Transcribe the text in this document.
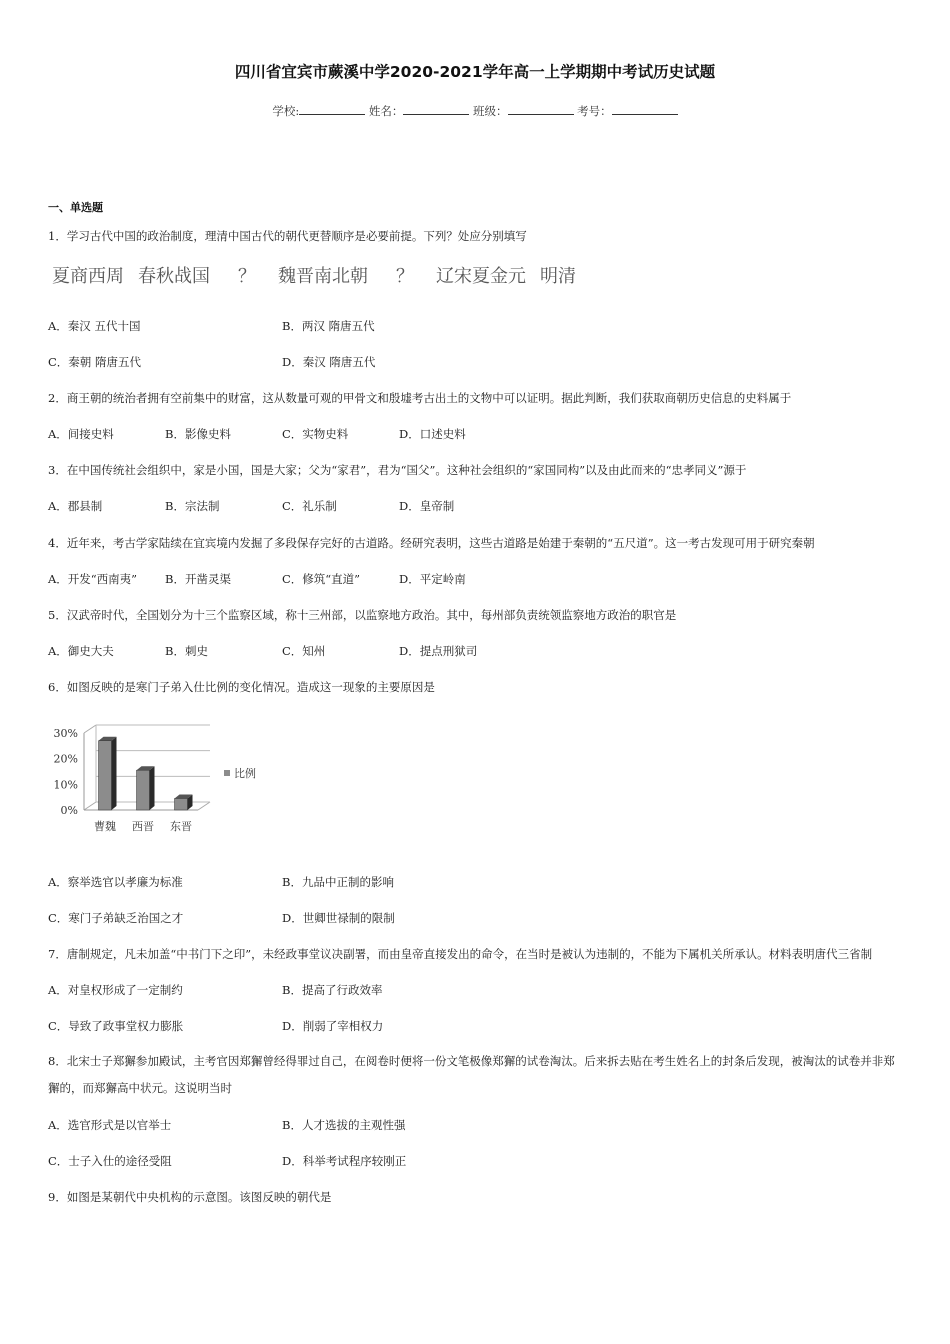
四川省宜宾市蕨溪中学2020-2021学年高一上学期期中考试历史试题
学校:	姓名：	班级：	考号：
一、单选题
1．学习古代中国的政治制度，理清中国古代的朝代更替顺序是必要前提。下列？处应分别填写
夏商西周 春秋战国 ？ 魏晋南北朝 ？ 辽宋夏金元 明清
A．秦汉 五代十国	B．两汉 隋唐五代
C．秦朝 隋唐五代	D．秦汉 隋唐五代
2．商王朝的统治者拥有空前集中的财富，这从数量可观的甲骨文和殷墟考古出土的文物中可以证明。据此判断，我们获取商朝历史信息的史料属于
A．间接史料	B．影像史料	C．实物史料	D．口述史料
3．在中国传统社会组织中，家是小国，国是大家；父为“家君”，君为“国父”。这种社会组织的“家国同构”以及由此而来的“忠孝同义”源于
A．郡县制	B．宗法制	C．礼乐制	D．皇帝制
4．近年来，考古学家陆续在宜宾境内发掘了多段保存完好的古道路。经研究表明，这些古道路是始建于秦朝的“五尺道”。这一考古发现可用于研究秦朝
A．开发“西南夷” B．开凿灵渠	C．修筑“直道”	D．平定岭南
5．汉武帝时代，全国划分为十三个监察区域，称十三州部，以监察地方政治。其中，每州部负责统领监察地方政治的职官是
A．御史大夫	B．刺史	C．知州	D．提点刑狱司
6．如图反映的是寒门子弟入仕比例的变化情况。造成这一现象的主要原因是
0%
10%
20%
30%
曹魏 西晋 东晋
比例
A．察举选官以孝廉为标准	B．九品中正制的影响
C．寒门子弟缺乏治国之才	D．世卿世禄制的限制
7．唐制规定，凡未加盖“中书门下之印”，未经政事堂议决副署，而由皇帝直接发出的命令，在当时是被认为违制的，不能为下属机关所承认。材料表明唐代三省制
A．对皇权形成了一定制约	B．提高了行政效率
C．导致了政事堂权力膨胀	D．削弱了宰相权力
8．北宋士子郑獬参加殿试，主考官因郑獬曾经得罪过自己，在阅卷时便将一份文笔极像郑獬的试卷淘汰。后来拆去贴在考生姓名上的封条后发现，被淘汰的试卷并非郑獬的，而郑獬高中状元。这说明当时
A．选官形式是以官举士	B．人才选拔的主观性强
C．士子入仕的途径受阻	D．科举考试程序较刚正
9．如图是某朝代中央机构的示意图。该图反映的朝代是
